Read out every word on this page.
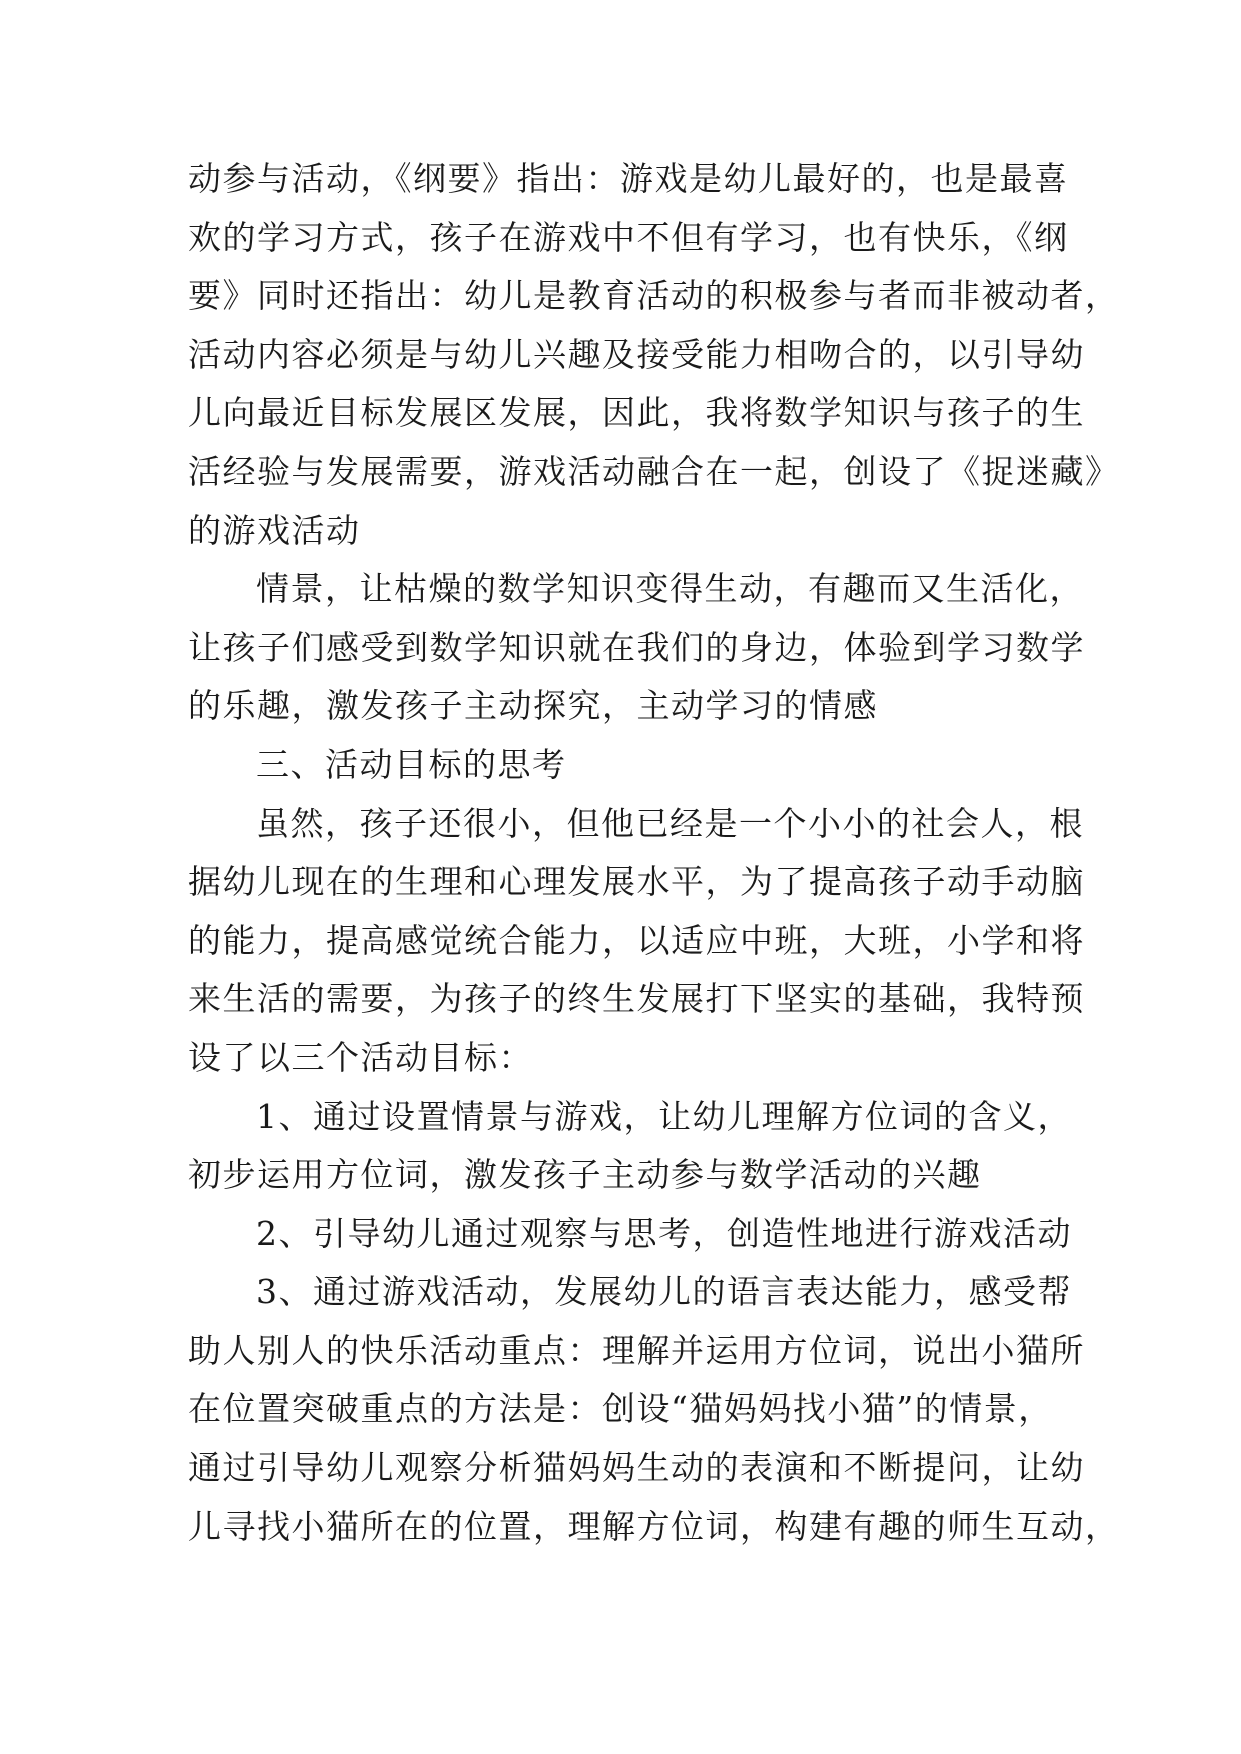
动参与活动，《纲要》指出：游戏是幼儿最好的，也是最喜
欢的学习方式，孩子在游戏中不但有学习，也有快乐，《纲
要》同时还指出：幼儿是教育活动的积极参与者而非被动者，
活动内容必须是与幼儿兴趣及接受能力相吻合的，以引导幼
儿向最近目标发展区发展，因此，我将数学知识与孩子的生
活经验与发展需要，游戏活动融合在一起，创设了《捉迷藏》
的游戏活动
情景，让枯燥的数学知识变得生动，有趣而又生活化，
让孩子们感受到数学知识就在我们的身边，体验到学习数学
的乐趣，激发孩子主动探究，主动学习的情感
三、活动目标的思考
虽然，孩子还很小，但他已经是一个小小的社会人，根
据幼儿现在的生理和心理发展水平，为了提高孩子动手动脑
的能力，提高感觉统合能力，以适应中班，大班，小学和将
来生活的需要，为孩子的终生发展打下坚实的基础，我特预
设了以三个活动目标：
1、通过设置情景与游戏，让幼儿理解方位词的含义，
初步运用方位词，激发孩子主动参与数学活动的兴趣
2、引导幼儿通过观察与思考，创造性地进行游戏活动
3、通过游戏活动，发展幼儿的语言表达能力，感受帮
助人别人的快乐活动重点：理解并运用方位词，说出小猫所
在位置突破重点的方法是：创设“猫妈妈找小猫”的情景，
通过引导幼儿观察分析猫妈妈生动的表演和不断提问，让幼
儿寻找小猫所在的位置，理解方位词，构建有趣的师生互动，
